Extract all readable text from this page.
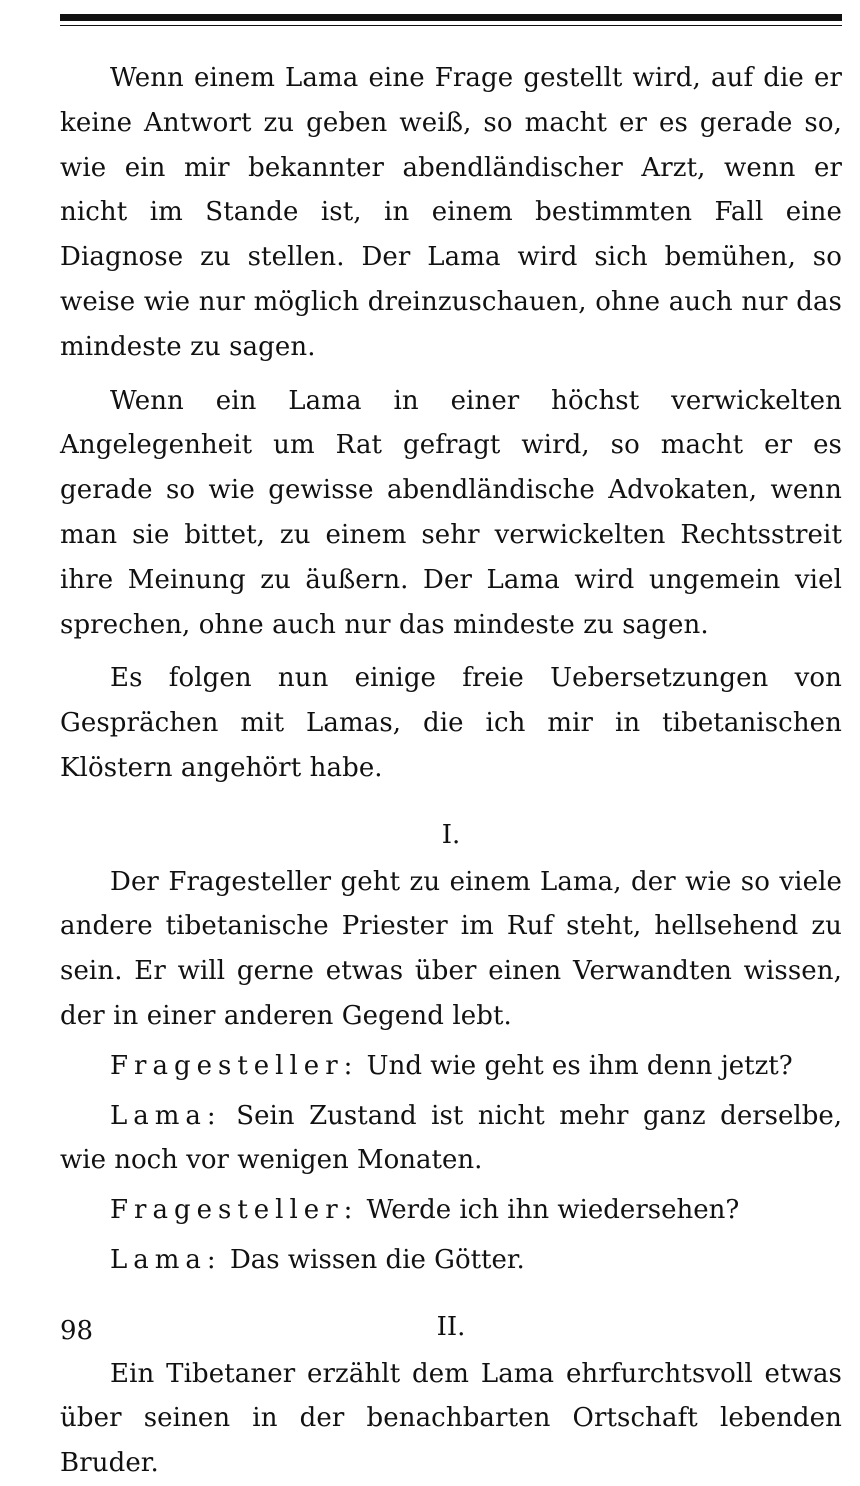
Wenn einem Lama eine Frage gestellt wird, auf die er keine Antwort zu geben weiß, so macht er es gerade so, wie ein mir bekannter abendländischer Arzt, wenn er nicht im Stande ist, in einem bestimmten Fall eine Diagnose zu stellen. Der Lama wird sich bemühen, so weise wie nur möglich dreinzuschauen, ohne auch nur das mindeste zu sagen.

Wenn ein Lama in einer höchst verwickelten Angelegenheit um Rat gefragt wird, so macht er es gerade so wie gewisse abendländische Advokaten, wenn man sie bittet, zu einem sehr verwickelten Rechtsstreit ihre Meinung zu äußern. Der Lama wird ungemein viel sprechen, ohne auch nur das mindeste zu sagen.

Es folgen nun einige freie Uebersetzungen von Gesprächen mit Lamas, die ich mir in tibetanischen Klöstern angehört habe.

I.

Der Fragesteller geht zu einem Lama, der wie so viele andere tibetanische Priester im Ruf steht, hellsehend zu sein. Er will gerne etwas über einen Verwandten wissen, der in einer anderen Gegend lebt.

Fragesteller: Und wie geht es ihm denn jetzt?

Lama: Sein Zustand ist nicht mehr ganz derselbe, wie noch vor wenigen Monaten.

Fragesteller: Werde ich ihn wiedersehen?

Lama: Das wissen die Götter.

II.

Ein Tibetaner erzählt dem Lama ehrfurchtsvoll etwas über seinen in der benachbarten Ortschaft lebenden Bruder.

98
